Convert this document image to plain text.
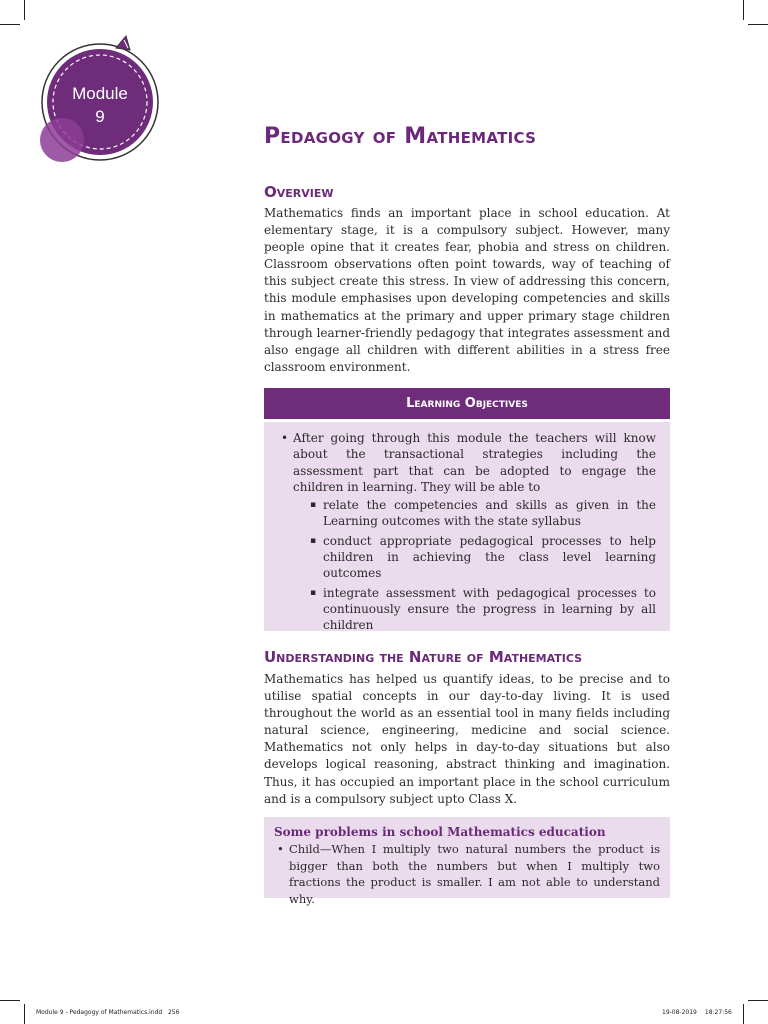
Module
9
Pedagogy of Mathematics
Overview

Mathematics finds an important place in school education. At elementary stage, it is a compulsory subject. However, many people opine that it creates fear, phobia and stress on children. Classroom observations often point towards, way of teaching of this subject create this stress. In view of addressing this concern, this module emphasises upon developing competencies and skills in mathematics at the primary and upper primary stage children through learner-friendly pedagogy that integrates assessment and also engage all children with different abilities in a stress free classroom environment.

Learning Objectives
• After going through this module the teachers will know about the transactional strategies including the assessment part that can be adopted to engage the children in learning. They will be able to
▪ relate the competencies and skills as given in the Learning outcomes with the state syllabus
▪ conduct appropriate pedagogical processes to help children in achieving the class level learning outcomes
▪ integrate assessment with pedagogical processes to continuously ensure the progress in learning by all children
Understanding the Nature of Mathematics

Mathematics has helped us quantify ideas, to be precise and to utilise spatial concepts in our day-to-day living. It is used throughout the world as an essential tool in many fields including natural science, engineering, medicine and social science. Mathematics not only helps in day-to-day situations but also develops logical reasoning, abstract thinking and imagination. Thus, it has occupied an important place in the school curriculum and is a compulsory subject upto Class X.

Some problems in school Mathematics education

• Child—When I multiply two natural numbers the product is bigger than both the numbers but when I multiply two fractions the product is smaller. I am not able to understand why.

Module 9 - Pedagogy of Mathematics.indd 256	19-08-2019 18:27:56
